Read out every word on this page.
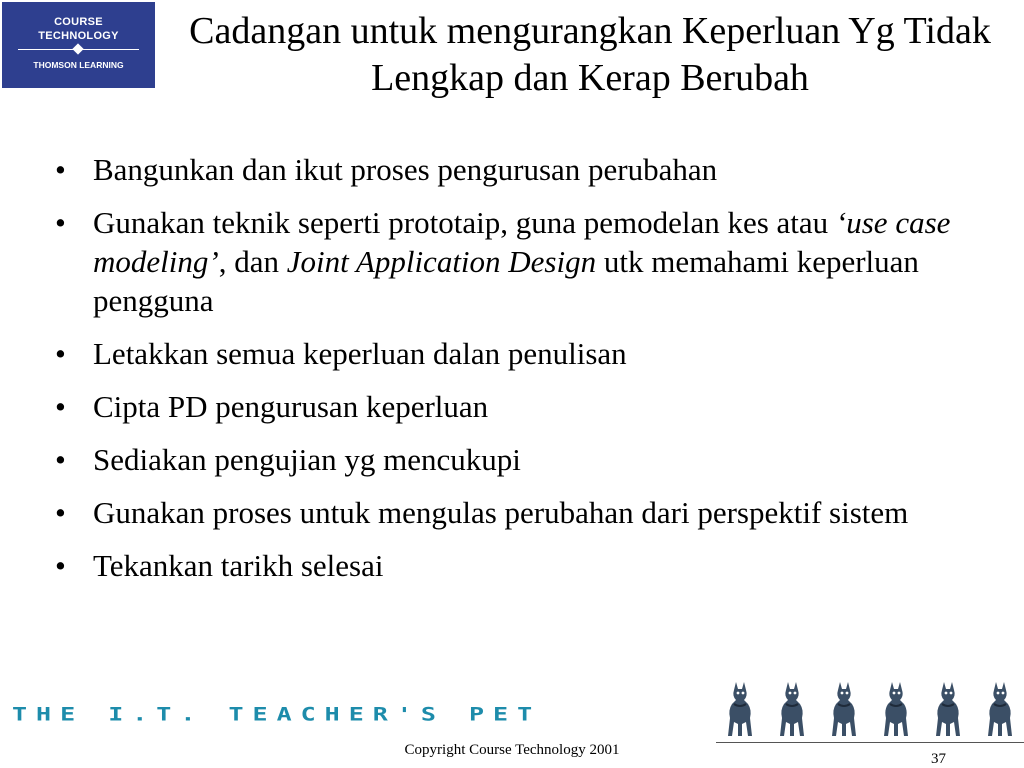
COURSE
TECHNOLOGY
THOMSON LEARNING
Cadangan untuk mengurangkan Keperluan Yg Tidak Lengkap dan Kerap Berubah
• Bangunkan dan ikut proses pengurusan perubahan
• Gunakan teknik seperti prototaip, guna pemodelan kes atau ‘use case modeling’, dan Joint Application Design utk memahami keperluan pengguna
• Letakkan semua keperluan dalan penulisan
• Cipta PD pengurusan keperluan
• Sediakan pengujian yg mencukupi
• Gunakan proses untuk mengulas perubahan dari perspektif sistem
• Tekankan tarikh selesai
THE I.T. TEACHER'S PET
Copyright Course Technology 2001
37
